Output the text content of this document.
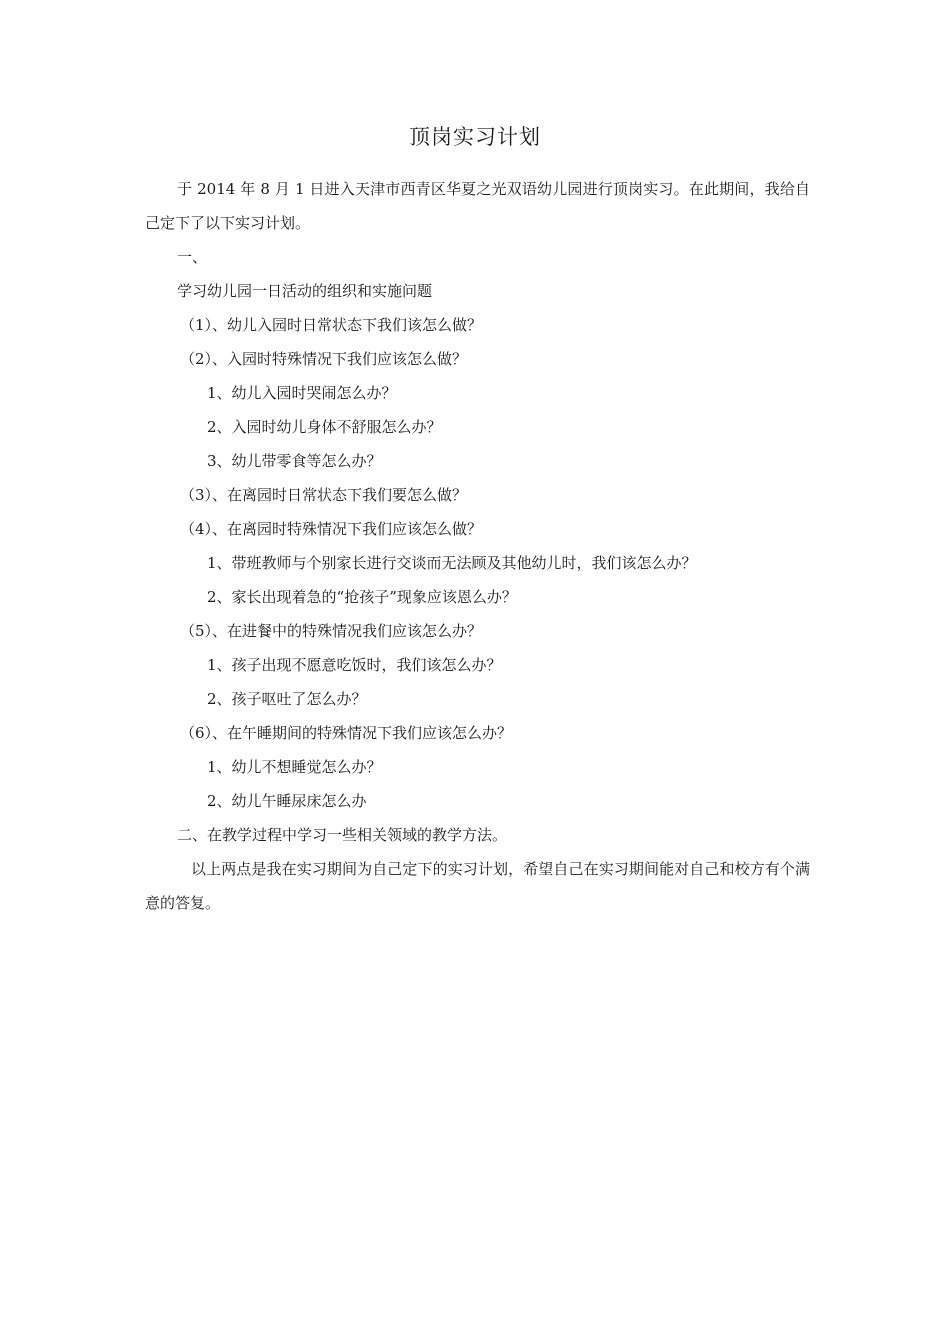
顶岗实习计划

于 2014 年 8 月 1 日进入天津市西青区华夏之光双语幼儿园进行顶岗实习。在此期间，我给自己定下了以下实习计划。

一、

学习幼儿园一日活动的组织和实施问题

（1）、幼儿入园时日常状态下我们该怎么做？

（2）、入园时特殊情况下我们应该怎么做？

1、幼儿入园时哭闹怎么办？

2、入园时幼儿身体不舒服怎么办？

3、幼儿带零食等怎么办？

（3）、在离园时日常状态下我们要怎么做？

（4）、在离园时特殊情况下我们应该怎么做？

1、带班教师与个别家长进行交谈而无法顾及其他幼儿时，我们该怎么办？

2、家长出现着急的“抢孩子”现象应该恩么办？

（5）、在进餐中的特殊情况我们应该怎么办？

1、孩子出现不愿意吃饭时，我们该怎么办？

2、孩子呕吐了怎么办？

（6）、在午睡期间的特殊情况下我们应该怎么办？

1、幼儿不想睡觉怎么办？

2、幼儿午睡尿床怎么办

二、在教学过程中学习一些相关领域的教学方法。

以上两点是我在实习期间为自己定下的实习计划，希望自己在实习期间能对自己和校方有个满意的答复。
